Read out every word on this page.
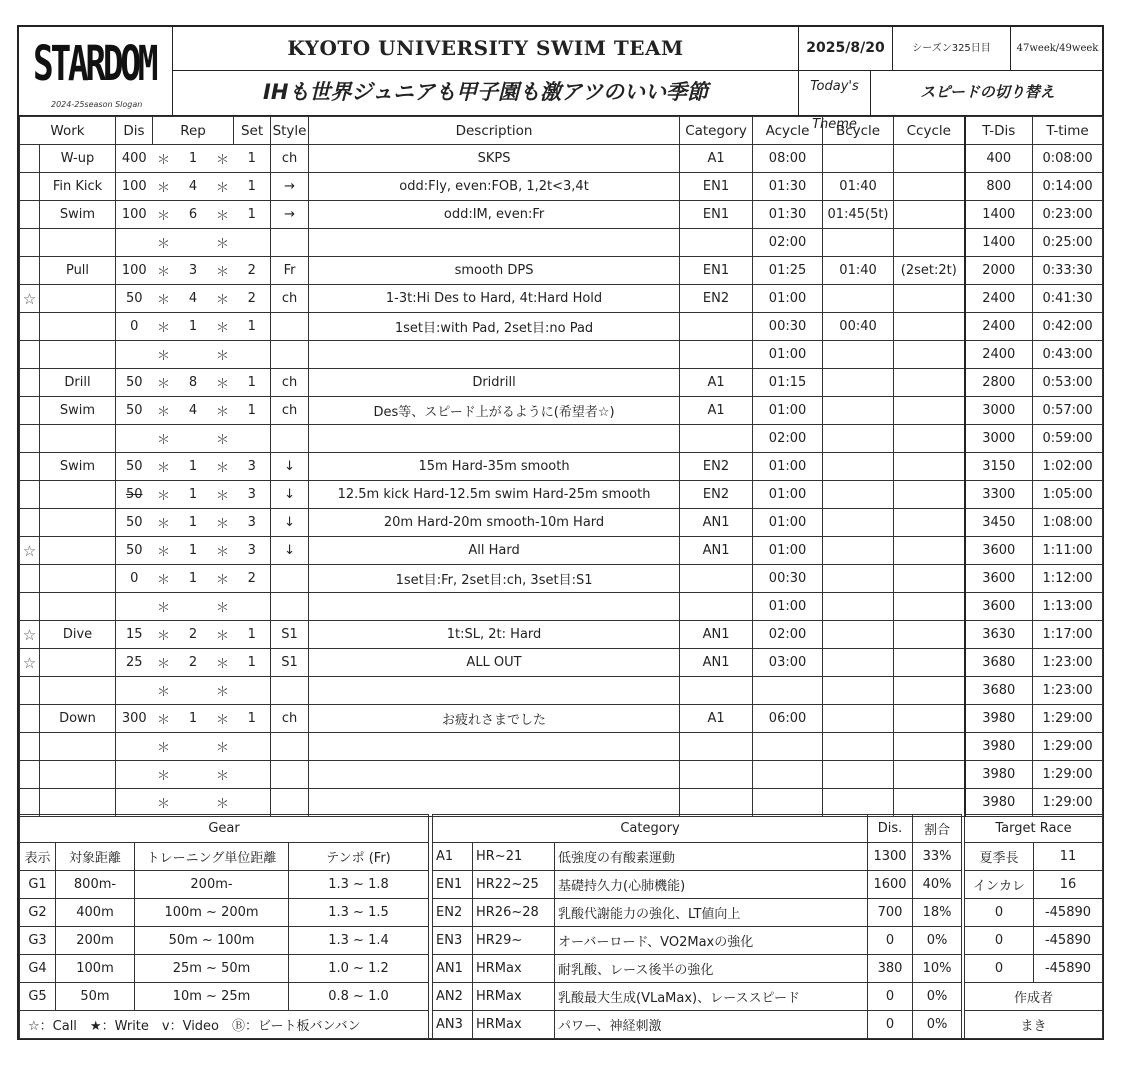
STARDOM
2024-25season Slogan
KYOTO UNIVERSITY SWIM TEAM
IHも世界ジュニアも甲子園も激アツのいい季節
2025/8/20	シーズン325日目	47week/49week
Today's

Theme
スピードの切り替え
Work		Dis	Rep			Set	Style	Description	Category	Acycle	Bcycle	Ccycle	T-Dis	T-time
	W-up	400	＊	1	＊	1	ch	SKPS	A1	08:00			400	0:08:00
	Fin Kick	100	＊	4	＊	1	→	odd:Fly, even:FOB, 1,2t<3,4t	EN1	01:30	01:40		800	0:14:00
	Swim	100	＊	6	＊	1	→	odd:IM, even:Fr	EN1	01:30	01:45(5t)		1400	0:23:00
			＊		＊					02:00			1400	0:25:00
	Pull	100	＊	3	＊	2	Fr	smooth DPS	EN1	01:25	01:40	(2set:2t)	2000	0:33:30
☆		50	＊	4	＊	2	ch	1-3t:Hi Des to Hard, 4t:Hard Hold	EN2	01:00			2400	0:41:30
		0	＊	1	＊	1		1set目:with Pad, 2set目:no Pad		00:30	00:40		2400	0:42:00
			＊		＊					01:00			2400	0:43:00
	Drill	50	＊	8	＊	1	ch	Dridrill	A1	01:15			2800	0:53:00
	Swim	50	＊	4	＊	1	ch	Des等、スピード上がるように(希望者☆)	A1	01:00			3000	0:57:00
			＊		＊					02:00			3000	0:59:00
	Swim	50	＊	1	＊	3	↓	15m Hard-35m smooth	EN2	01:00			3150	1:02:00
		50	＊	1	＊	3	↓	12.5m kick Hard-12.5m swim Hard-25m smooth	EN2	01:00			3300	1:05:00
		50	＊	1	＊	3	↓	20m Hard-20m smooth-10m Hard	AN1	01:00			3450	1:08:00
☆		50	＊	1	＊	3	↓	All Hard	AN1	01:00			3600	1:11:00
		0	＊	1	＊	2		1set目:Fr, 2set目:ch, 3set目:S1		00:30			3600	1:12:00
			＊		＊					01:00			3600	1:13:00
☆	Dive	15	＊	2	＊	1	S1	1t:SL, 2t: Hard	AN1	02:00			3630	1:17:00
☆		25	＊	2	＊	1	S1	ALL OUT	AN1	03:00			3680	1:23:00
			＊		＊								3680	1:23:00
	Down	300	＊	1	＊	1	ch	お疲れさまでした	A1	06:00			3980	1:29:00
			＊		＊								3980	1:29:00
			＊		＊								3980	1:29:00
			＊		＊								3980	1:29:00
Gear			
表示	対象距離	トレーニング単位距離	テンポ (Fr)
G1	800m-	200m-	1.3 ~ 1.8
G2	400m	100m ~ 200m	1.3 ~ 1.5
G3	200m	50m ~ 100m	1.3 ~ 1.4
G4	100m	25m ~ 50m	1.0 ~ 1.2
G5	50m	10m ~ 25m	0.8 ~ 1.0
☆：Call　★：Write　v：Video　Ⓑ：ビート板バンバン			
Category			Dis.	割合
A1	HR~21	低強度の有酸素運動	1300	33%
EN1	HR22~25	基礎持久力(心肺機能)	1600	40%
EN2	HR26~28	乳酸代謝能力の強化、LT値向上	700	18%
EN3	HR29~	オーバーロード、VO2Maxの強化	0	0%
AN1	HRMax	耐乳酸、レース後半の強化	380	10%
AN2	HRMax	乳酸最大生成(VLaMax)、レーススピード	0	0%
AN3	HRMax	パワー、神経刺激	0	0%
Target Race	
夏季長	11
インカレ	16
0	-45890
0	-45890
0	-45890
作成者	
まき	
